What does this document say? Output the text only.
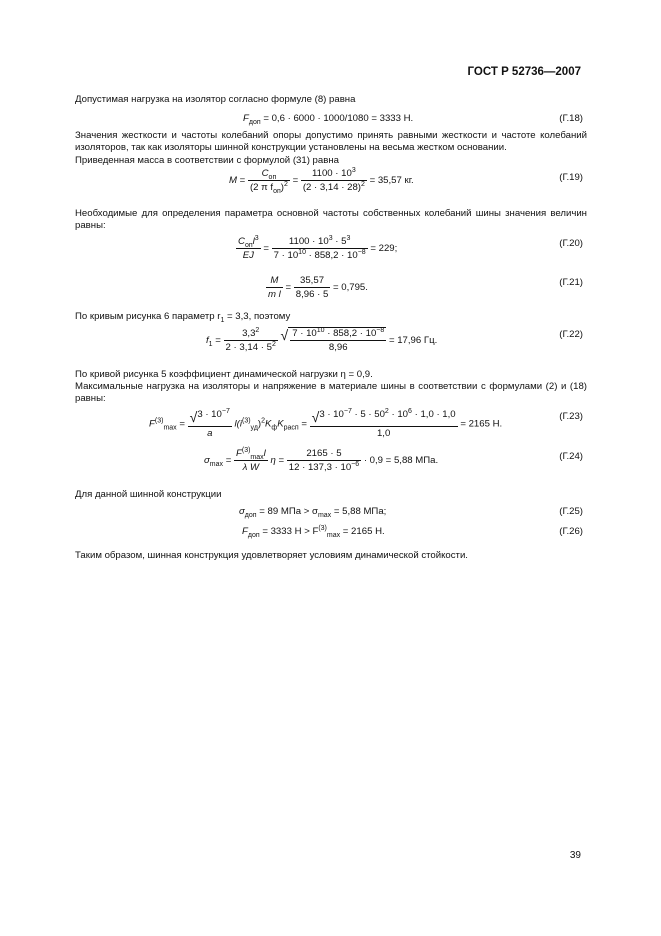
ГОСТ Р 52736—2007
Допустимая нагрузка на изолятор согласно формуле (8) равна
$F_{доп} = 0,6 \cdot 6000 \cdot 1000/1080 = 3333$ Н.	(Г.18)
Значения жесткости и частоты колебаний опоры допустимо принять равными жесткости и частоте колебаний изоляторов, так как изоляторы шинной конструкции установлены на весьма жестком основании.
Приведенная масса в соответствии с формулой (31) равна
$M = \frac{C_{оп}}{(2 \pi f_{оп})^2} = \frac{1100 \cdot 10^3}{(2 \cdot 3,14 \cdot 28)^2} = 35,57$ кг.	(Г.19)
Необходимые для определения параметра основной частоты собственных колебаний шины значения величин равны:
$\frac{C_{оп}l^3}{EJ} = \frac{1100 \cdot 10^3 \cdot 5^3}{7 \cdot 10^{10} \cdot 858,2 \cdot 10^{-8}} = 229$;	(Г.20)
$\frac{M}{\text{m l}} = \frac{35,57}{8,96 \cdot 5} = 0,795$.	(Г.21)
По кривым рисунка 6 параметр $r_1 = 3,3$, поэтому
$f_1 = \frac{3,3^2}{2 \cdot 3,14 \cdot 5^2}$ √ $\frac{7 \cdot 10^{10} \cdot 858,2 \cdot 10^{-8}}{8,96} = 17,96$ Гц.
(Г.22)
По кривой рисунка 5 коэффициент динамической нагрузки η = 0,9.
Максимальные нагрузка на изоляторы и напряжение в материале шины в соответствии с формулами (2) и (18) равны:
$F^{(3)}_{max} = \frac{√3 \cdot 10^{-7}}{a} l(i^{(3)}_{уд})^2K_фK_{расп} = \frac{√3 \cdot 10^{-7} \cdot 5 \cdot 50^2 \cdot 10^6 \cdot 1,0 \cdot 1,0}{1,0} = 2165$ Н.
(Г.23)
$\sigma_{max} = \frac{F^{(3)}_{max}l}{\text{λ W}}$ $\eta = \frac{2165 \cdot 5}{12 \cdot 137,3 \cdot 10^{-6}} \cdot 0,9 = 5,88$ МПа.	(Г.24)
Для данной шинной конструкции
$\sigma_{доп} = 89$ МПа > $\sigma_{max} = 5,88$ МПа;	(Г.25)
$F_{доп} = 3333$ $Н > F^{(3)}_{max} = 2165$ Н.	(Г.26)
Таким образом, шинная конструкция удовлетворяет условиям динамической стойкости.
39
